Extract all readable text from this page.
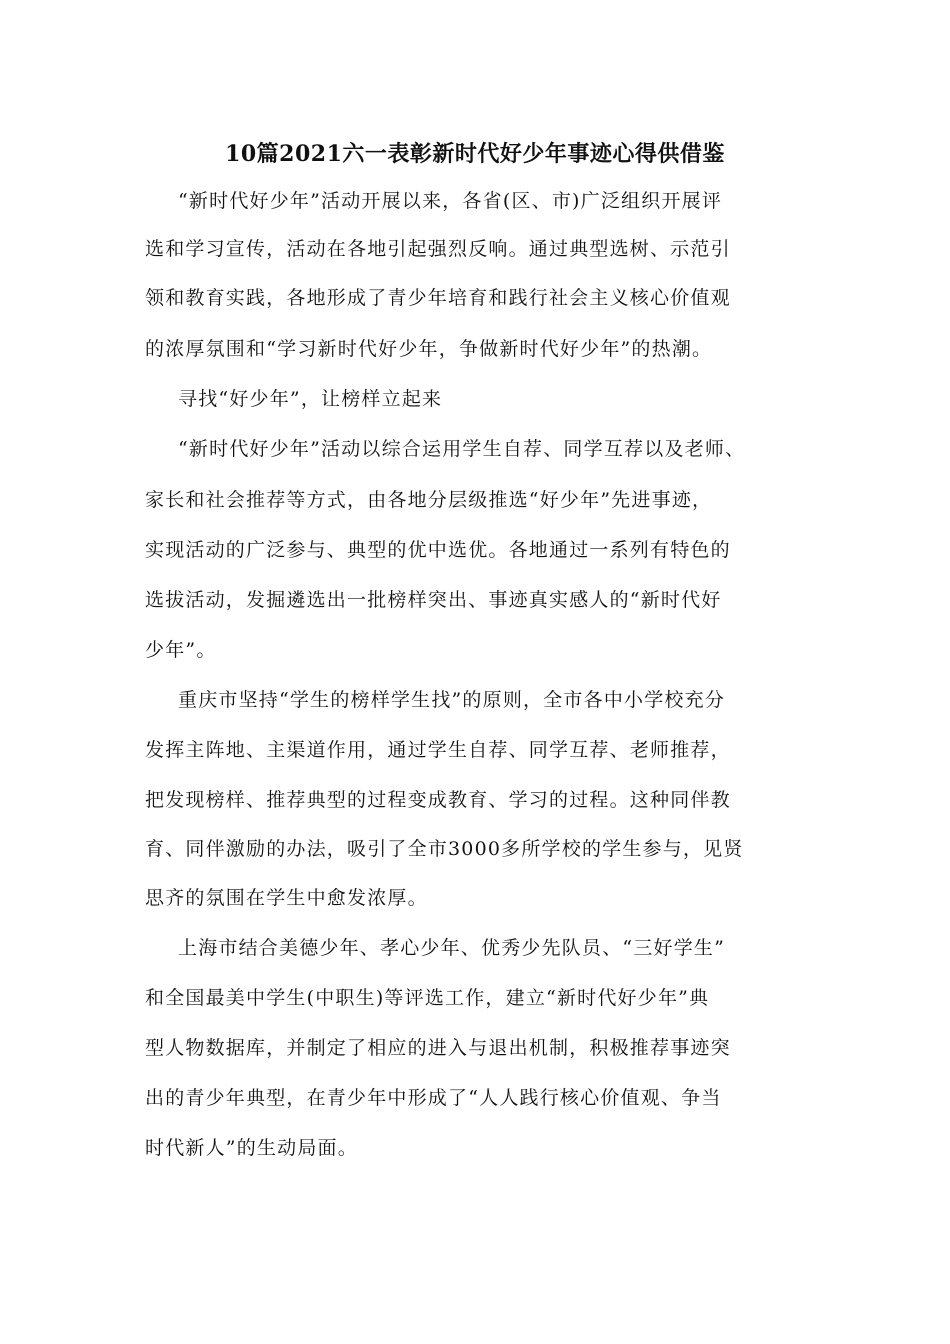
10篇2021六一表彰新时代好少年事迹心得供借鉴
“新时代好少年”活动开展以来，各省(区、市)广泛组织开展评
选和学习宣传，活动在各地引起强烈反响。通过典型选树、示范引
领和教育实践，各地形成了青少年培育和践行社会主义核心价值观
的浓厚氛围和“学习新时代好少年，争做新时代好少年”的热潮。
寻找“好少年”，让榜样立起来
“新时代好少年”活动以综合运用学生自荐、同学互荐以及老师、
家长和社会推荐等方式，由各地分层级推选“好少年”先进事迹，
实现活动的广泛参与、典型的优中选优。各地通过一系列有特色的
选拔活动，发掘遴选出一批榜样突出、事迹真实感人的“新时代好
少年”。
重庆市坚持“学生的榜样学生找”的原则，全市各中小学校充分
发挥主阵地、主渠道作用，通过学生自荐、同学互荐、老师推荐，
把发现榜样、推荐典型的过程变成教育、学习的过程。这种同伴教
育、同伴激励的办法，吸引了全市3000多所学校的学生参与，见贤
思齐的氛围在学生中愈发浓厚。
上海市结合美德少年、孝心少年、优秀少先队员、“三好学生”
和全国最美中学生(中职生)等评选工作，建立“新时代好少年”典
型人物数据库，并制定了相应的进入与退出机制，积极推荐事迹突
出的青少年典型，在青少年中形成了“人人践行核心价值观、争当
时代新人”的生动局面。
